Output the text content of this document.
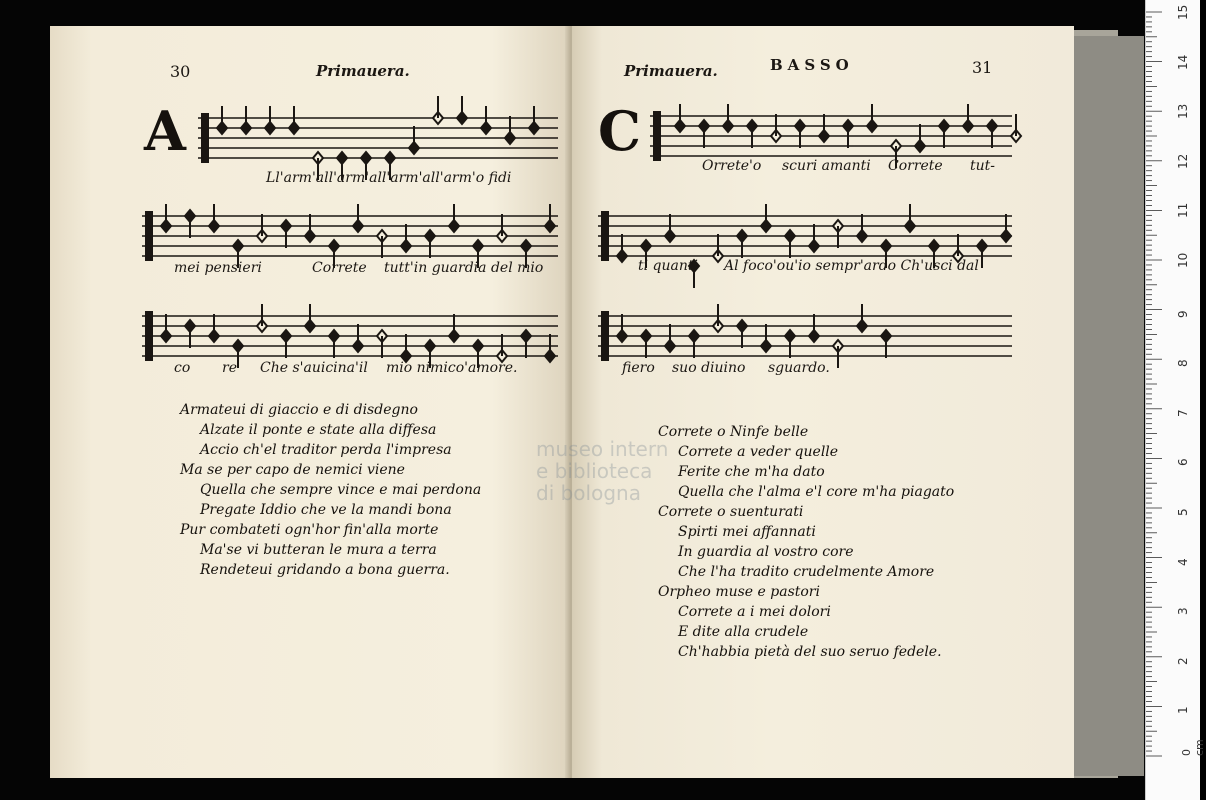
30	Primauera.
A
Ll'arm'all'arm'all'arm'all'arm'o fidi
mei pensieri	Correte tutt'in guardia del mio
co re Che s'auicina'il mio nimico'amore.
Armateui di giaccio e di disdegno
Alzate il ponte e state alla diffesa
Accio ch'el traditor perda l'impresa
Ma se per capo de nemici viene
Quella che sempre vince e mai perdona
Pregate Iddio che ve la mandi bona
Pur combateti ogn'hor fin'alla morte
Ma'se vi butteran le mura a terra
Rendeteui gridando a bona guerra.
Primauera.	BASSO	31
C
Orrete'o scuri amanti Correte tut-
ti quanti Al foco'ou'io sempr'ardo Ch'usci dal
fiero suo diuino sguardo.
museo intern
e biblioteca
di bologna
Correte o Ninfe belle
Correte a veder quelle
Ferite che m'ha dato
Quella che l'alma e'l core m'ha piagato
Correte o suenturati
Spirti mei affannati
In guardia al vostro core
Che l'ha tradito crudelmente Amore
Orpheo muse e pastori
Correte a i mei dolori
E dite alla crudele
Ch'habbia pietà del suo seruo fedele.
1
2
3
4
5
6
7
8
9
10
11
12
13
14
15
0 cm
